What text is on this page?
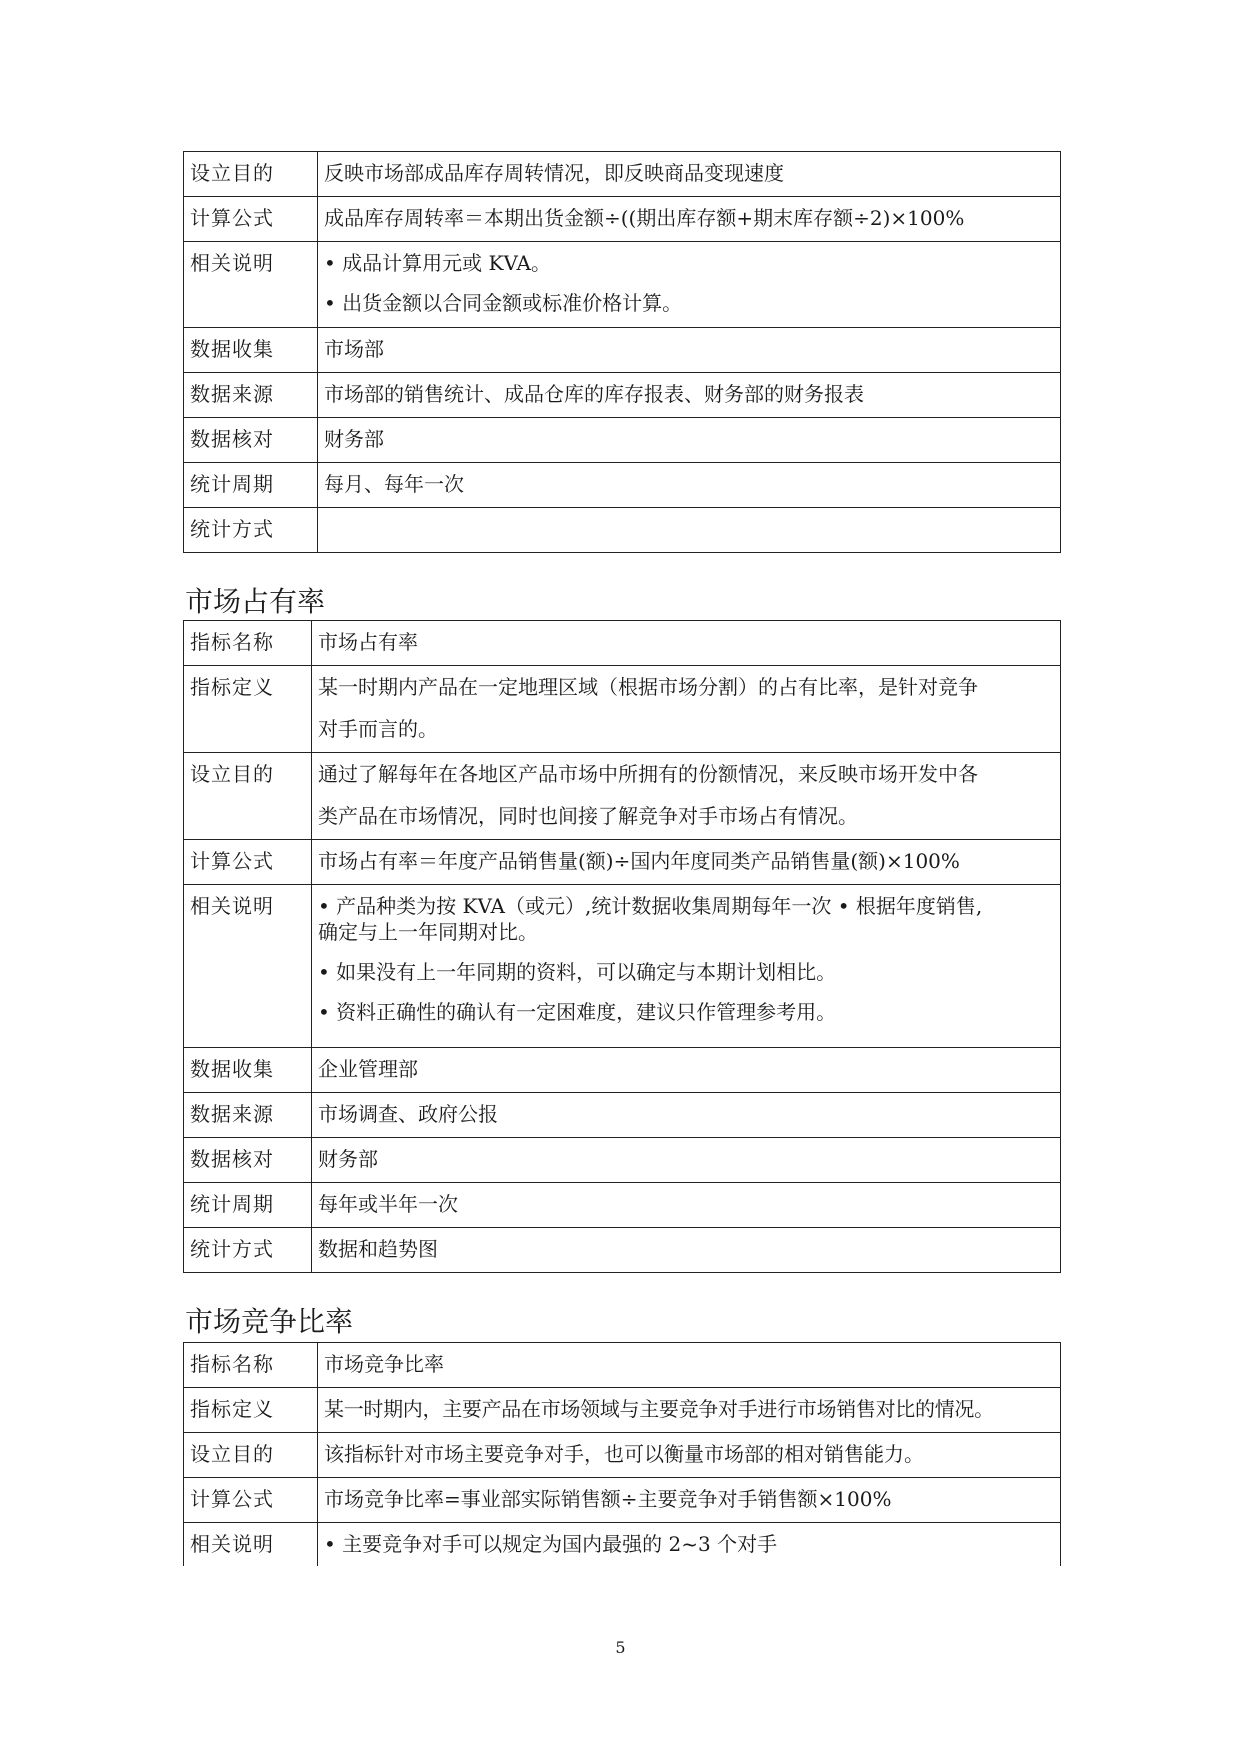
设立目的	反映市场部成品库存周转情况，即反映商品变现速度

计算公式	成品库存周转率＝本期出货金额÷((期出库存额+期末库存额÷2)×100%

相关说明	• 成品计算用元或 KVA。

• 出货金额以合同金额或标准价格计算。

数据收集	市场部

数据来源	市场部的销售统计、成品仓库的库存报表、财务部的财务报表

数据核对	财务部

统计周期	每月、每年一次

统计方式	

市场占有率
指标名称	市场占有率

指标定义	某一时期内产品在一定地理区域（根据市场分割）的占有比率，是针对竞争

对手而言的。

设立目的	通过了解每年在各地区产品市场中所拥有的份额情况，来反映市场开发中各

类产品在市场情况，同时也间接了解竞争对手市场占有情况。

计算公式	市场占有率＝年度产品销售量(额)÷国内年度同类产品销售量(额)×100%

相关说明	• 产品种类为按 KVA（或元）,统计数据收集周期每年一次 • 根据年度销售,

确定与上一年同期对比。

• 如果没有上一年同期的资料，可以确定与本期计划相比。

• 资料正确性的确认有一定困难度，建议只作管理参考用。

数据收集	企业管理部

数据来源	市场调查、政府公报

数据核对	财务部

统计周期	每年或半年一次

统计方式	数据和趋势图

市场竞争比率
指标名称	市场竞争比率

指标定义	某一时期内，主要产品在市场领域与主要竞争对手进行市场销售对比的情况。

设立目的	该指标针对市场主要竞争对手，也可以衡量市场部的相对销售能力。

计算公式	市场竞争比率=事业部实际销售额÷主要竞争对手销售额×100%

相关说明	• 主要竞争对手可以规定为国内最强的 2~3 个对手

5
